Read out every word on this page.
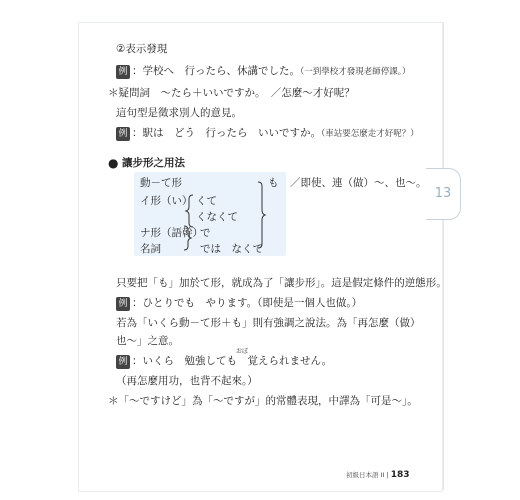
13
②表示發現
例 ：学校へ　行ったら、休講でした。（一到學校才發現老師停課。）
＊疑問詞　～たら＋いいですか。　／怎麼～才好呢？
這句型是徵求別人的意見。
例 ：駅は　どう　行ったら　いいですか。（車站要怎麼走才好呢？）
● 讓步形之用法
動－て形
イ形（い） くて
くなくて
ナ形（語幹）
で
名詞	では　なくて
も ／即使、連（做）～、也～。
只要把「も」加於て形，就成為了「讓步形」。這是假定條件的逆態形。
例 ：ひとりでも　やります。（即使是一個人也做。）
若為「いくら動－て形＋も」則有強調之說法。為「再怎麼（做）
也～」之意。
おぼ
例 ：いくら　勉強しても　覚えられません。
（再怎麼用功，也背不起來。）
＊「～ですけど」為「～ですが」的常體表現，中譯為「可是～」。
初級日本語 II | 183
